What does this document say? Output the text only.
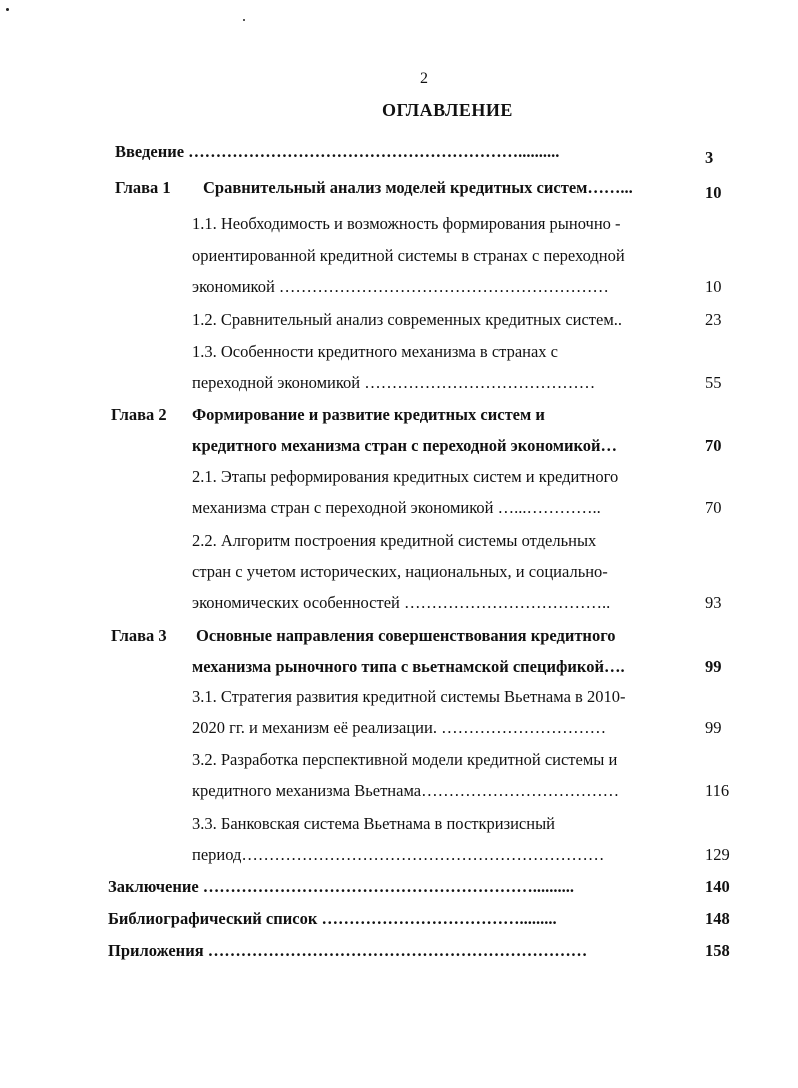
2
ОГЛАВЛЕНИЕ
Введение ……………………………………………………..........	3
Глава 1 Сравнительный анализ моделей кредитных систем……...	10
1.1. Необходимость и возможность формирования рыночно -
ориентированной кредитной системы в странах с переходной
экономикой ……………………………………………………	10
1.2. Сравнительный анализ современных кредитных систем..	23
1.3. Особенности кредитного механизма в странах с
переходной экономикой ……………………………………	55
Глава 2 Формирование и развитие кредитных систем и
кредитного механизма стран с переходной экономикой…	70
2.1. Этапы реформирования кредитных систем и кредитного
механизма стран с переходной экономикой …...…………..	70
2.2. Алгоритм построения кредитной системы отдельных
стран с учетом исторических, национальных, и социально-
экономических особенностей ………………………………..	93
Глава 3 Основные направления совершенствования кредитного
механизма рыночного типа с вьетнамской спецификой….	99
3.1. Стратегия развития кредитной системы Вьетнама в 2010-
2020 гг. и механизм её реализации. …………………………	99
3.2. Разработка перспективной модели кредитной системы и
кредитного механизма Вьетнама………………………………	116
3.3. Банковская система Вьетнама в посткризисный
период…………………………………………………………	129
Заключение ……………………………………………………..........	140
Библиографический список ……………………………….........	148
Приложения ……………………………………………………………	158
